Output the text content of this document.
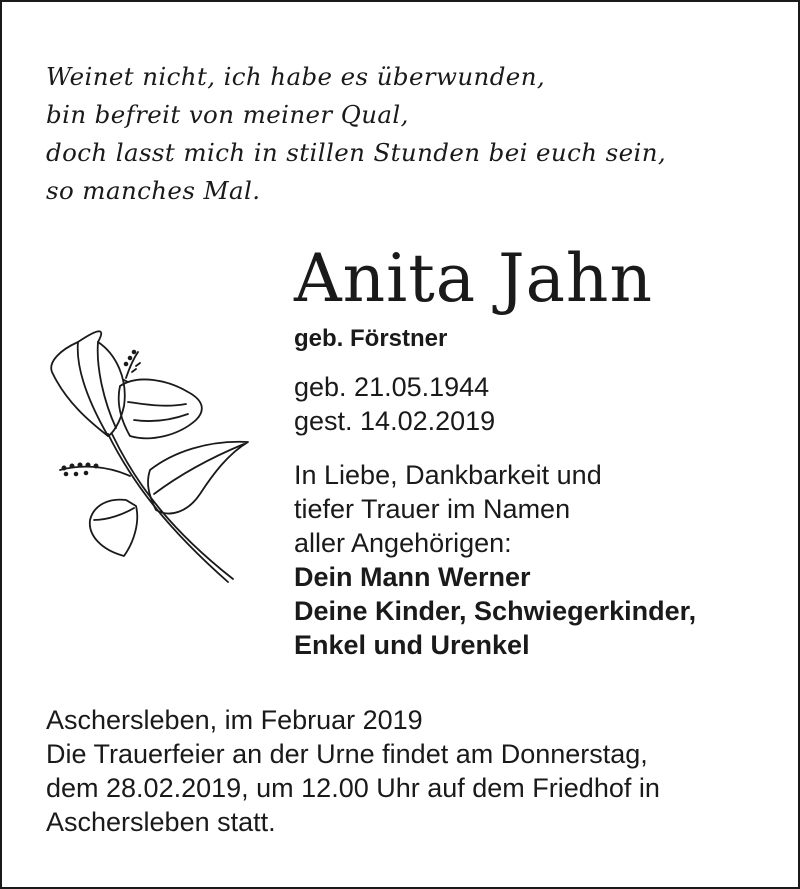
Weinet nicht, ich habe es überwunden,
bin befreit von meiner Qual,
doch lasst mich in stillen Stunden bei euch sein,
so manches Mal.
Anita Jahn
geb. Förstner
geb. 21.05.1944
gest. 14.02.2019
In Liebe, Dankbarkeit und
tiefer Trauer im Namen
aller Angehörigen:
Dein Mann Werner
Deine Kinder, Schwiegerkinder,
Enkel und Urenkel
Aschersleben, im Februar 2019
Die Trauerfeier an der Urne findet am Donnerstag,
dem 28.02.2019, um 12.00 Uhr auf dem Friedhof in
Aschersleben statt.
